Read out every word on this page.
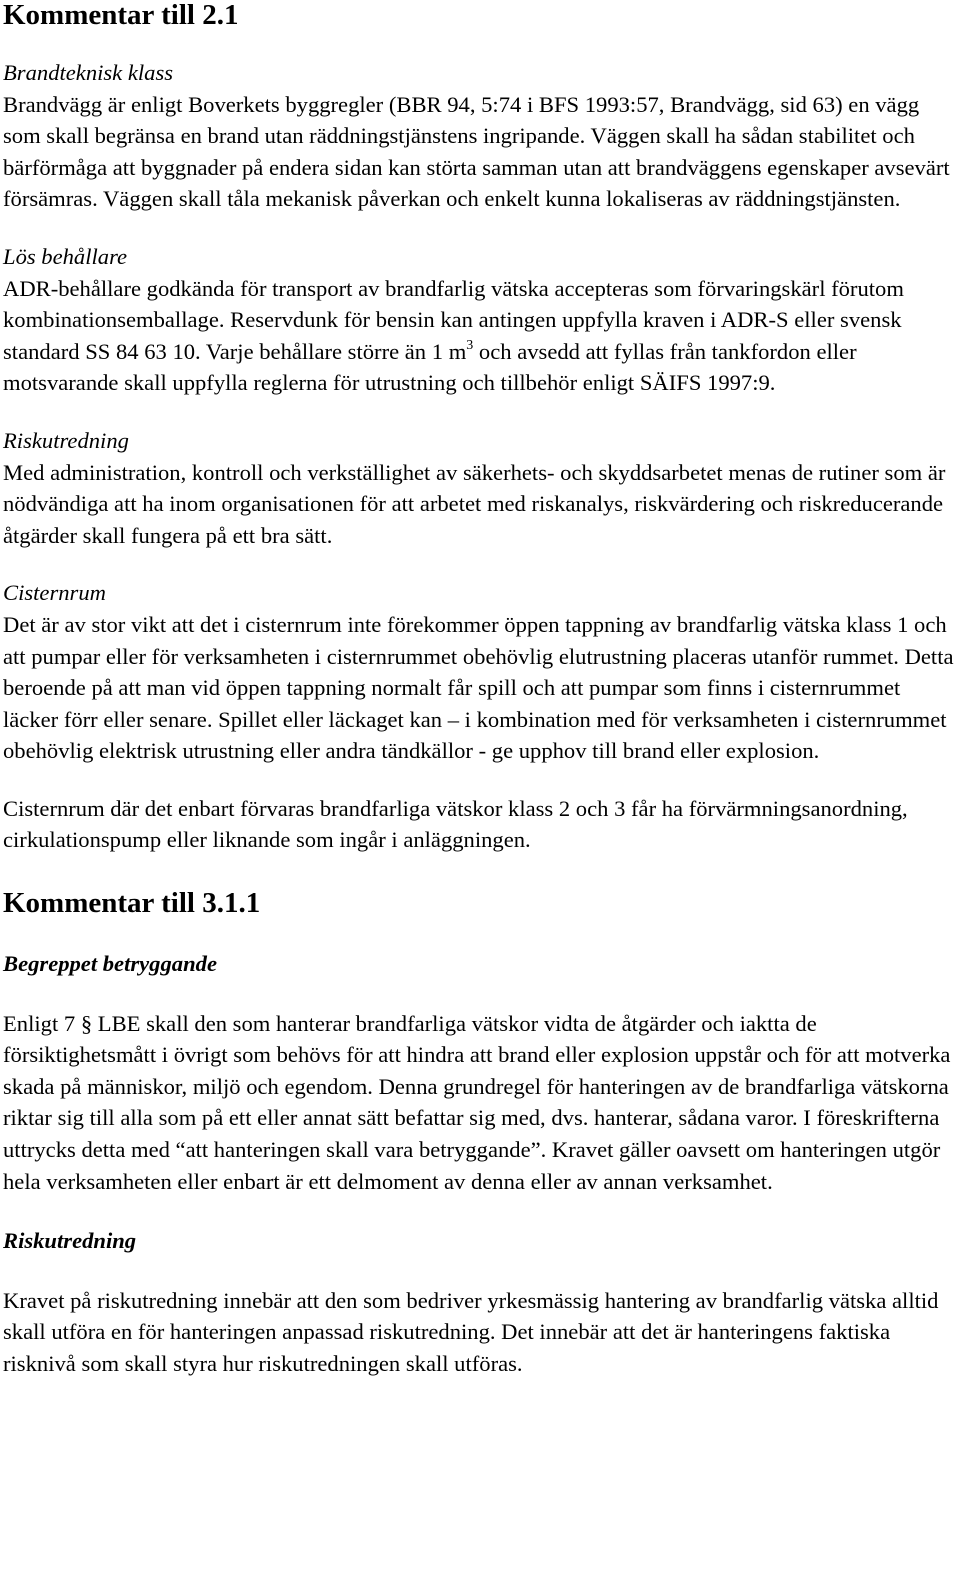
Kommentar till 2.1

Brandteknisk klass

Brandvägg är enligt Boverkets byggregler (BBR 94, 5:74 i BFS 1993:57, Brandvägg, sid 63) en vägg som skall begränsa en brand utan räddningstjänstens ingripande. Väggen skall ha sådan stabilitet och bärförmåga att byggnader på endera sidan kan störta samman utan att brandväggens egenskaper avsevärt försämras. Väggen skall tåla mekanisk påverkan och enkelt kunna lokaliseras av räddningstjänsten.

Lös behållare

ADR-behållare godkända för transport av brandfarlig vätska accepteras som förvaringskärl förutom kombinationsemballage. Reservdunk för bensin kan antingen uppfylla kraven i ADR-S eller svensk standard SS 84 63 10. Varje behållare större än 1 $m^3$ och avsedd att fyllas från tankfordon eller motsvarande skall uppfylla reglerna för utrustning och tillbehör enligt SÄIFS 1997:9.

Riskutredning

Med administration, kontroll och verkställighet av säkerhets- och skyddsarbetet menas de rutiner som är nödvändiga att ha inom organisationen för att arbetet med riskanalys, riskvärdering och riskreducerande åtgärder skall fungera på ett bra sätt.

Cisternrum

Det är av stor vikt att det i cisternrum inte förekommer öppen tappning av brandfarlig vätska klass 1 och att pumpar eller för verksamheten i cisternrummet obehövlig elutrustning placeras utanför rummet. Detta beroende på att man vid öppen tappning normalt får spill och att pumpar som finns i cisternrummet läcker förr eller senare. Spillet eller läckaget kan – i kombination med för verksamheten i cisternrummet obehövlig elektrisk utrustning eller andra tändkällor - ge upphov till brand eller explosion.

Cisternrum där det enbart förvaras brandfarliga vätskor klass 2 och 3 får ha förvärmningsanordning, cirkulationspump eller liknande som ingår i anläggningen.

Kommentar till 3.1.1

Begreppet betryggande

Enligt 7 § LBE skall den som hanterar brandfarliga vätskor vidta de åtgärder och iaktta de försiktighetsmått i övrigt som behövs för att hindra att brand eller explosion uppstår och för att motverka skada på människor, miljö och egendom. Denna grundregel för hanteringen av de brandfarliga vätskorna riktar sig till alla som på ett eller annat sätt befattar sig med, dvs. hanterar, sådana varor. I föreskrifterna uttrycks detta med “att hanteringen skall vara betryggande”. Kravet gäller oavsett om hanteringen utgör hela verksamheten eller enbart är ett delmoment av denna eller av annan verksamhet.

Riskutredning

Kravet på riskutredning innebär att den som bedriver yrkesmässig hantering av brandfarlig vätska alltid skall utföra en för hanteringen anpassad riskutredning. Det innebär att det är hanteringens faktiska risknivå som skall styra hur riskutredningen skall utföras.
